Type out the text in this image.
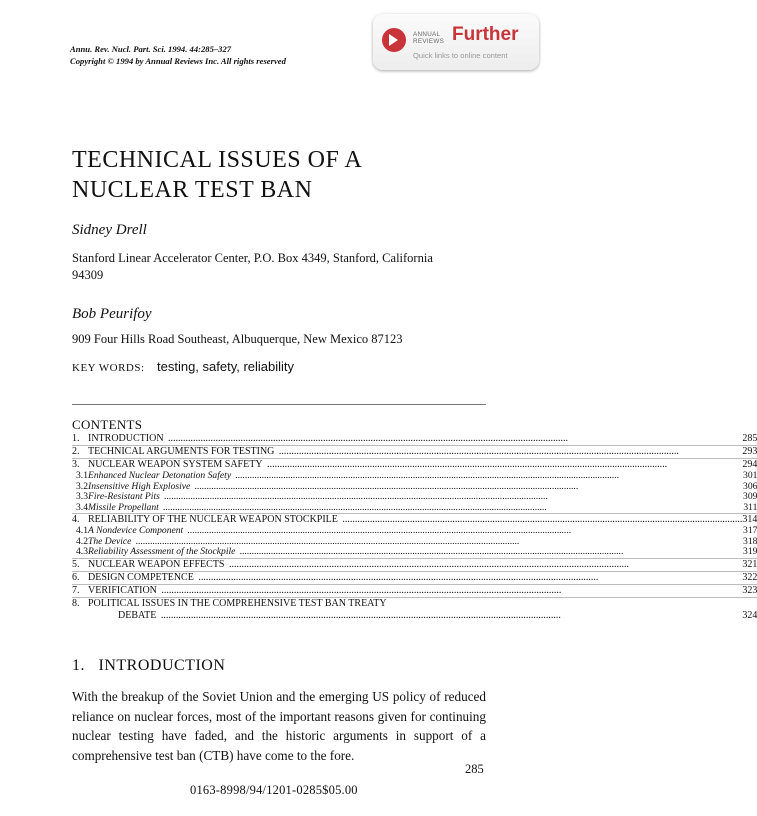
Annu. Rev. Nucl. Part. Sci. 1994. 44:285–327
Copyright © 1994 by Annual Reviews Inc. All rights reserved
ANNUAL
REVIEWS Further
Quick links to online content
TECHNICAL ISSUES OF A
NUCLEAR TEST BAN
Sidney Drell
Stanford Linear Accelerator Center, P.O. Box 4349, Stanford, California
94309
Bob Peurifoy
909 Four Hills Road Southeast, Albuquerque, New Mexico 87123
KEY WORDS: testing, safety, reliability
CONTENTS
1.	INTRODUCTION .....	285
2.	TECHNICAL ARGUMENTS FOR TESTING .....	293
3.	NUCLEAR WEAPON SYSTEM SAFETY .....	294
3.1	Enhanced Nuclear Detonation Safety .....	301
3.2	Insensitive High Explosive .....	306
3.3	Fire-Resistant Pits .....	309
3.4	Missile Propellant .....	311
4.	RELIABILITY OF THE NUCLEAR WEAPON STOCKPILE .....	314
4.1	A Nondevice Component .....	317
4.2	The Device .....	318
4.3	Reliability Assessment of the Stockpile .....	319
5.	NUCLEAR WEAPON EFFECTS .....	321
6.	DESIGN COMPETENCE .....	322
7.	VERIFICATION .....	323
8.	POLITICAL ISSUES IN THE COMPREHENSIVE TEST BAN TREATY	
	DEBATE .....	324
1.   INTRODUCTION
With the breakup of the Soviet Union and the emerging US policy of reduced reliance on nuclear forces, most of the important reasons given for continuing nuclear testing have faded, and the historic arguments in support of a comprehensive test ban (CTB) have come to the fore.
285
0163-8998/94/1201-0285$05.00
